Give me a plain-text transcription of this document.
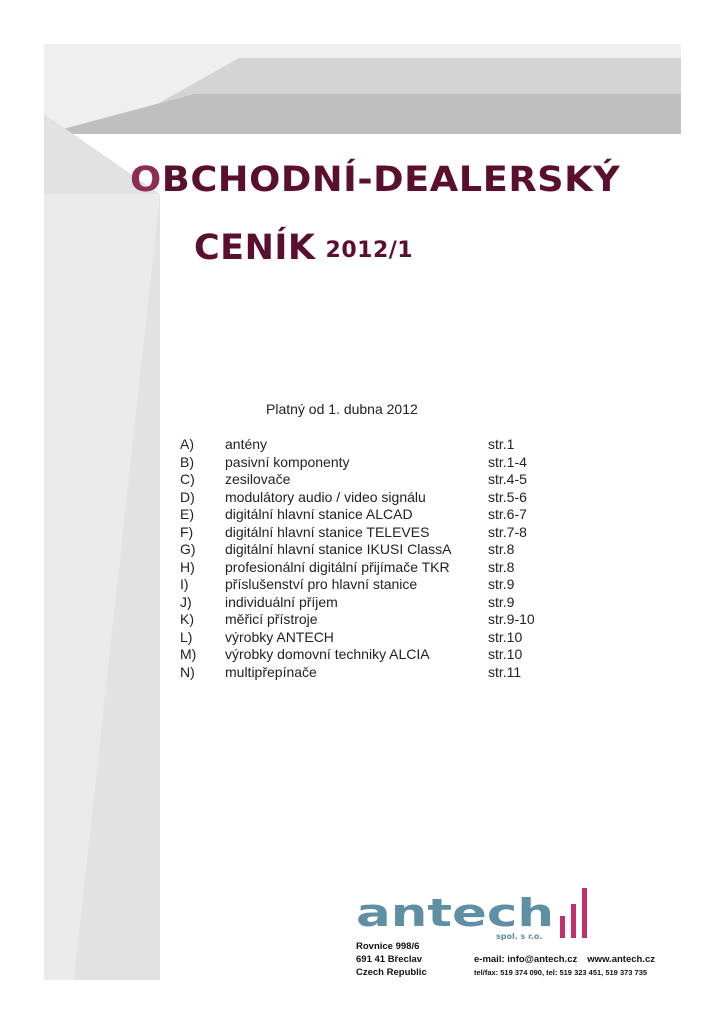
OBCHODNÍ-DEALERSKÝ
CENÍK 2012/1
Platný od 1. dubna 2012
A) antény	str.1
B) pasivní komponenty	str.1-4
C) zesilovače	str.4-5
D) modulátory audio / video signálu	str.5-6
E) digitální hlavní stanice ALCAD	str.6-7
F) digitální hlavní stanice TELEVES	str.7-8
G) digitální hlavní stanice IKUSI ClassA	str.8
H) profesionální digitální přijímače TKR	str.8
I)	příslušenství pro hlavní stanice	str.9
J) individuální příjem	str.9
K) měřicí přístroje	str.9-10
L) výrobky ANTECH	str.10
M) výrobky domovní techniky ALCIA	str.10
N) multipřepínače	str.11
antech
spol. s r.o.
Rovnice 998/6
691 41 Břeclav
Czech Republic
e-mail: info@antech.cz www.antech.cz
tel/fax: 519 374 090, tel: 519 323 451, 519 373 735
